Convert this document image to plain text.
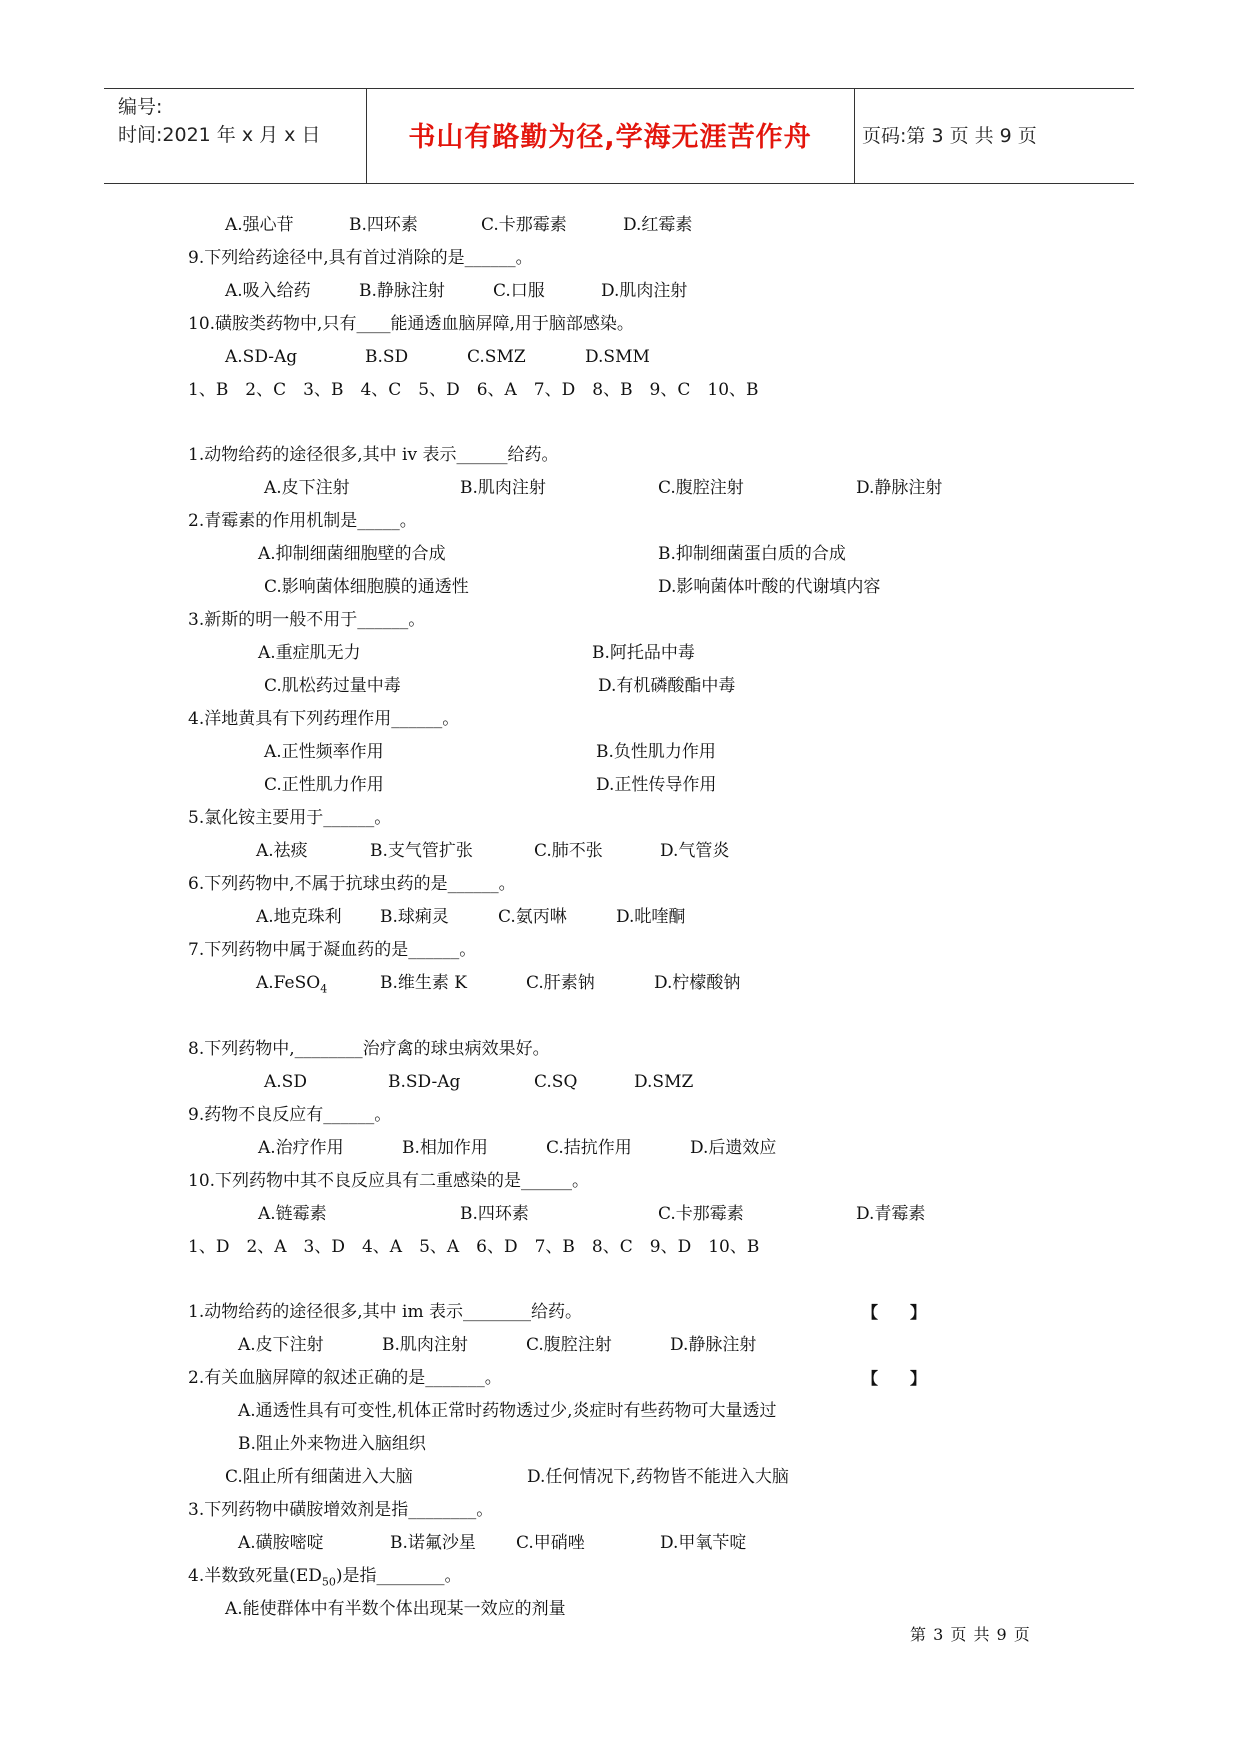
编号:
时间:2021 年 x 月 x 日	书山有路勤为径,学海无涯苦作舟	页码:第 3 页 共 9 页
A.强心苷	B.四环素	C.卡那霉素	D.红霉素
9.下列给药途径中,具有首过消除的是______。
A.吸入给药	B.静脉注射	C.口服	D.肌肉注射
10.磺胺类药物中,只有____能通透血脑屏障,用于脑部感染。
A.SD-Ag	B.SD	C.SMZ	D.SMM
1、B　2、C　3、B　4、C　5、D　6、A　7、D　8、B　9、C　10、B
1.动物给药的途径很多,其中 iv 表示______给药。
A.皮下注射	B.肌肉注射	C.腹腔注射	D.静脉注射
2.青霉素的作用机制是_____。
A.抑制细菌细胞壁的合成	B.抑制细菌蛋白质的合成
C.影响菌体细胞膜的通透性	D.影响菌体叶酸的代谢填内容
3.新斯的明一般不用于______。
A.重症肌无力	B.阿托品中毒
C.肌松药过量中毒	D.有机磷酸酯中毒
4.洋地黄具有下列药理作用______。
A.正性频率作用	B.负性肌力作用
C.正性肌力作用	D.正性传导作用
5.氯化铵主要用于______。
A.祛痰	B.支气管扩张	C.肺不张	D.气管炎
6.下列药物中,不属于抗球虫药的是______。
A.地克珠利 B.球痢灵	C.氨丙啉	D.吡喹酮
7.下列药物中属于凝血药的是______。
A.FeSO$_4$	B.维生素 K	C.肝素钠	D.柠檬酸钠
8.下列药物中,________治疗禽的球虫病效果好。
A.SD	B.SD-Ag	C.SQ	D.SMZ
9.药物不良反应有______。
A.治疗作用	B.相加作用	C.拮抗作用	D.后遗效应
10.下列药物中其不良反应具有二重感染的是______。
A.链霉素	B.四环素	C.卡那霉素	D.青霉素
1、D　2、A　3、D　4、A　5、A　6、D　7、B　8、C　9、D　10、B
1.动物给药的途径很多,其中 im 表示________给药。	【　　】
A.皮下注射	B.肌肉注射	C.腹腔注射	D.静脉注射
2.有关血脑屏障的叙述正确的是_______。	【　　】
A.通透性具有可变性,机体正常时药物透过少,炎症时有些药物可大量透过
B.阻止外来物进入脑组织
C.阻止所有细菌进入大脑	D.任何情况下,药物皆不能进入大脑
3.下列药物中磺胺增效剂是指________。
A.磺胺嘧啶	B.诺氟沙星 C.甲硝唑	D.甲氧苄啶
4.半数致死量$(ED_{50})$是指________。
A.能使群体中有半数个体出现某一效应的剂量
第 3 页 共 9 页
